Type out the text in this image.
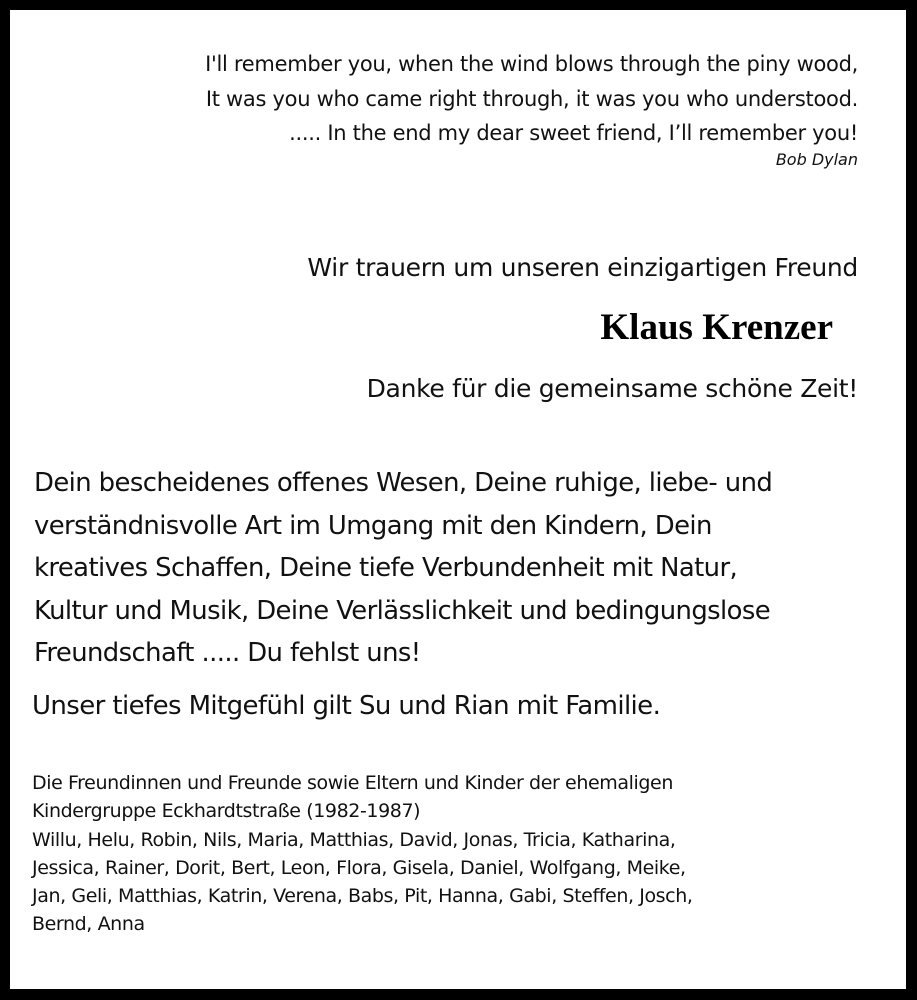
I'll remember you, when the wind blows through the piny wood,
It was you who came right through, it was you who understood.
..... In the end my dear sweet friend, I’ll remember you!
Bob Dylan
Wir trauern um unseren einzigartigen Freund
Klaus Krenzer
Danke für die gemeinsame schöne Zeit!
Dein bescheidenes offenes Wesen, Deine ruhige, liebe- und
verständnisvolle Art im Umgang mit den Kindern, Dein
kreatives Schaffen, Deine tiefe Verbundenheit mit Natur,
Kultur und Musik, Deine Verlässlichkeit und bedingungslose
Freundschaft ..... Du fehlst uns!
Unser tiefes Mitgefühl gilt Su und Rian mit Familie.
Die Freundinnen und Freunde sowie Eltern und Kinder der ehemaligen
Kindergruppe Eckhardtstraße (1982-1987)
Willu, Helu, Robin, Nils, Maria, Matthias, David, Jonas, Tricia, Katharina,
Jessica, Rainer, Dorit, Bert, Leon, Flora, Gisela, Daniel, Wolfgang, Meike,
Jan, Geli, Matthias, Katrin, Verena, Babs, Pit, Hanna, Gabi, Steffen, Josch,
Bernd, Anna
